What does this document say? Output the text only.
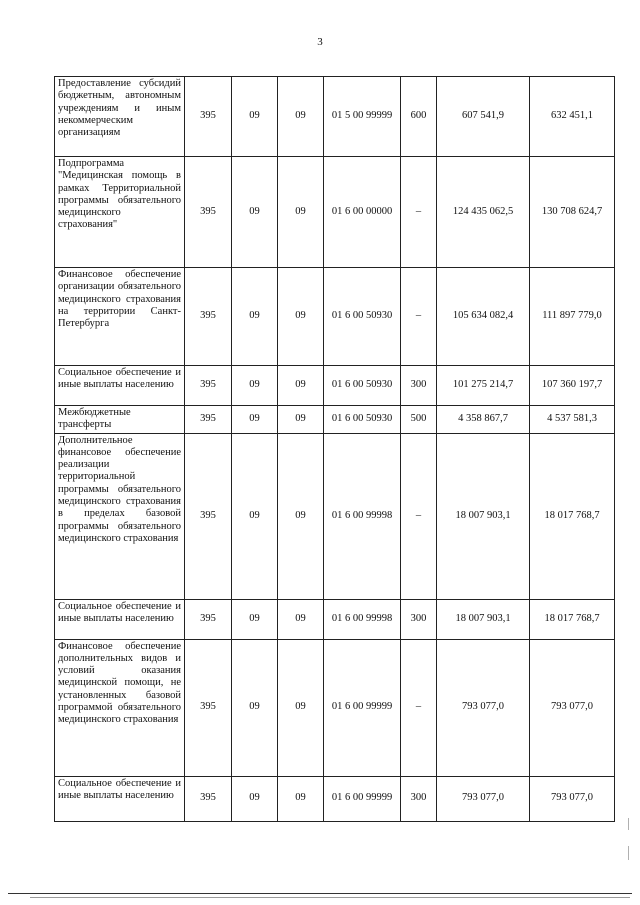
3
Предоставление субсидий бюджетным, автономным учреждениям и иным некоммерческим организациям	395	09	09	01 5 00 99999	600	607 541,9	632 451,1
Подпрограмма "Медицинская помощь в рамках Территориальной программы обязательного медицинского страхования"	395	09	09	01 6 00 00000	–	124 435 062,5	130 708 624,7
Финансовое обеспечение организации обязательного медицинского страхования на территории Санкт-Петербурга	395	09	09	01 6 00 50930	–	105 634 082,4	111 897 779,0
Социальное обеспечение и иные выплаты населению	395	09	09	01 6 00 50930	300	101 275 214,7	107 360 197,7
Межбюджетные трансферты	395	09	09	01 6 00 50930	500	4 358 867,7	4 537 581,3
Дополнительное финансовое обеспечение реализации территориальной программы обязательного медицинского страхования в пределах базовой программы обязательного медицинского страхования	395	09	09	01 6 00 99998	–	18 007 903,1	18 017 768,7
Социальное обеспечение и иные выплаты населению	395	09	09	01 6 00 99998	300	18 007 903,1	18 017 768,7
Финансовое обеспечение дополнительных видов и условий оказания медицинской помощи, не установленных базовой программой обязательного медицинского страхования	395	09	09	01 6 00 99999	–	793 077,0	793 077,0
Социальное обеспечение и иные выплаты населению	395	09	09	01 6 00 99999	300	793 077,0	793 077,0
